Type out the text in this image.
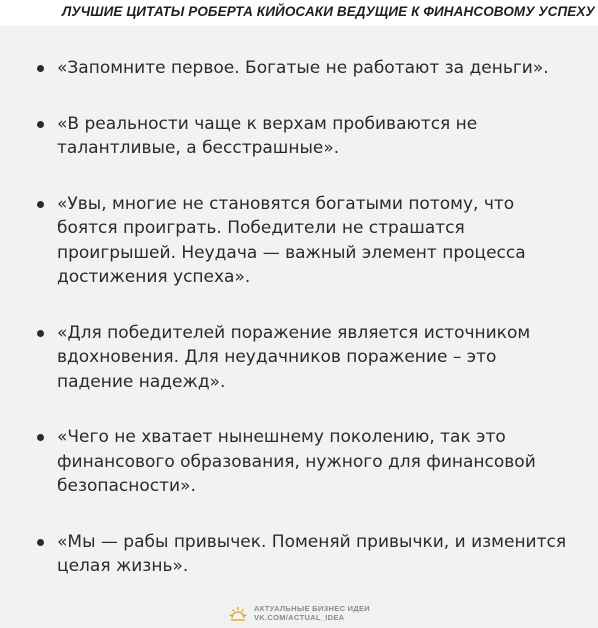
ЛУЧШИЕ ЦИТАТЫ РОБЕРТА КИЙОСАКИ ВЕДУЩИЕ К ФИНАНСОВОМУ УСПЕХУ
«Запомните первое. Богатые не работают за деньги».
«В реальности чаще к верхам пробиваются не талантливые, а бесстрашные».
«Увы, многие не становятся богатыми потому, что боятся проиграть. Победители не страшатся проигрышей. Неудача — важный элемент процесса достижения успеха».
«Для победителей поражение является источником вдохновения. Для неудачников поражение – это падение надежд».
«Чего не хватает нынешнему поколению, так это финансового образования, нужного для финансовой безопасности».
«Мы — рабы привычек. Поменяй привычки, и изменится целая жизнь».
АКТУАЛЬНЫЕ БИЗНЕС ИДЕИ
VK.COM/ACTUAL_IDEA
